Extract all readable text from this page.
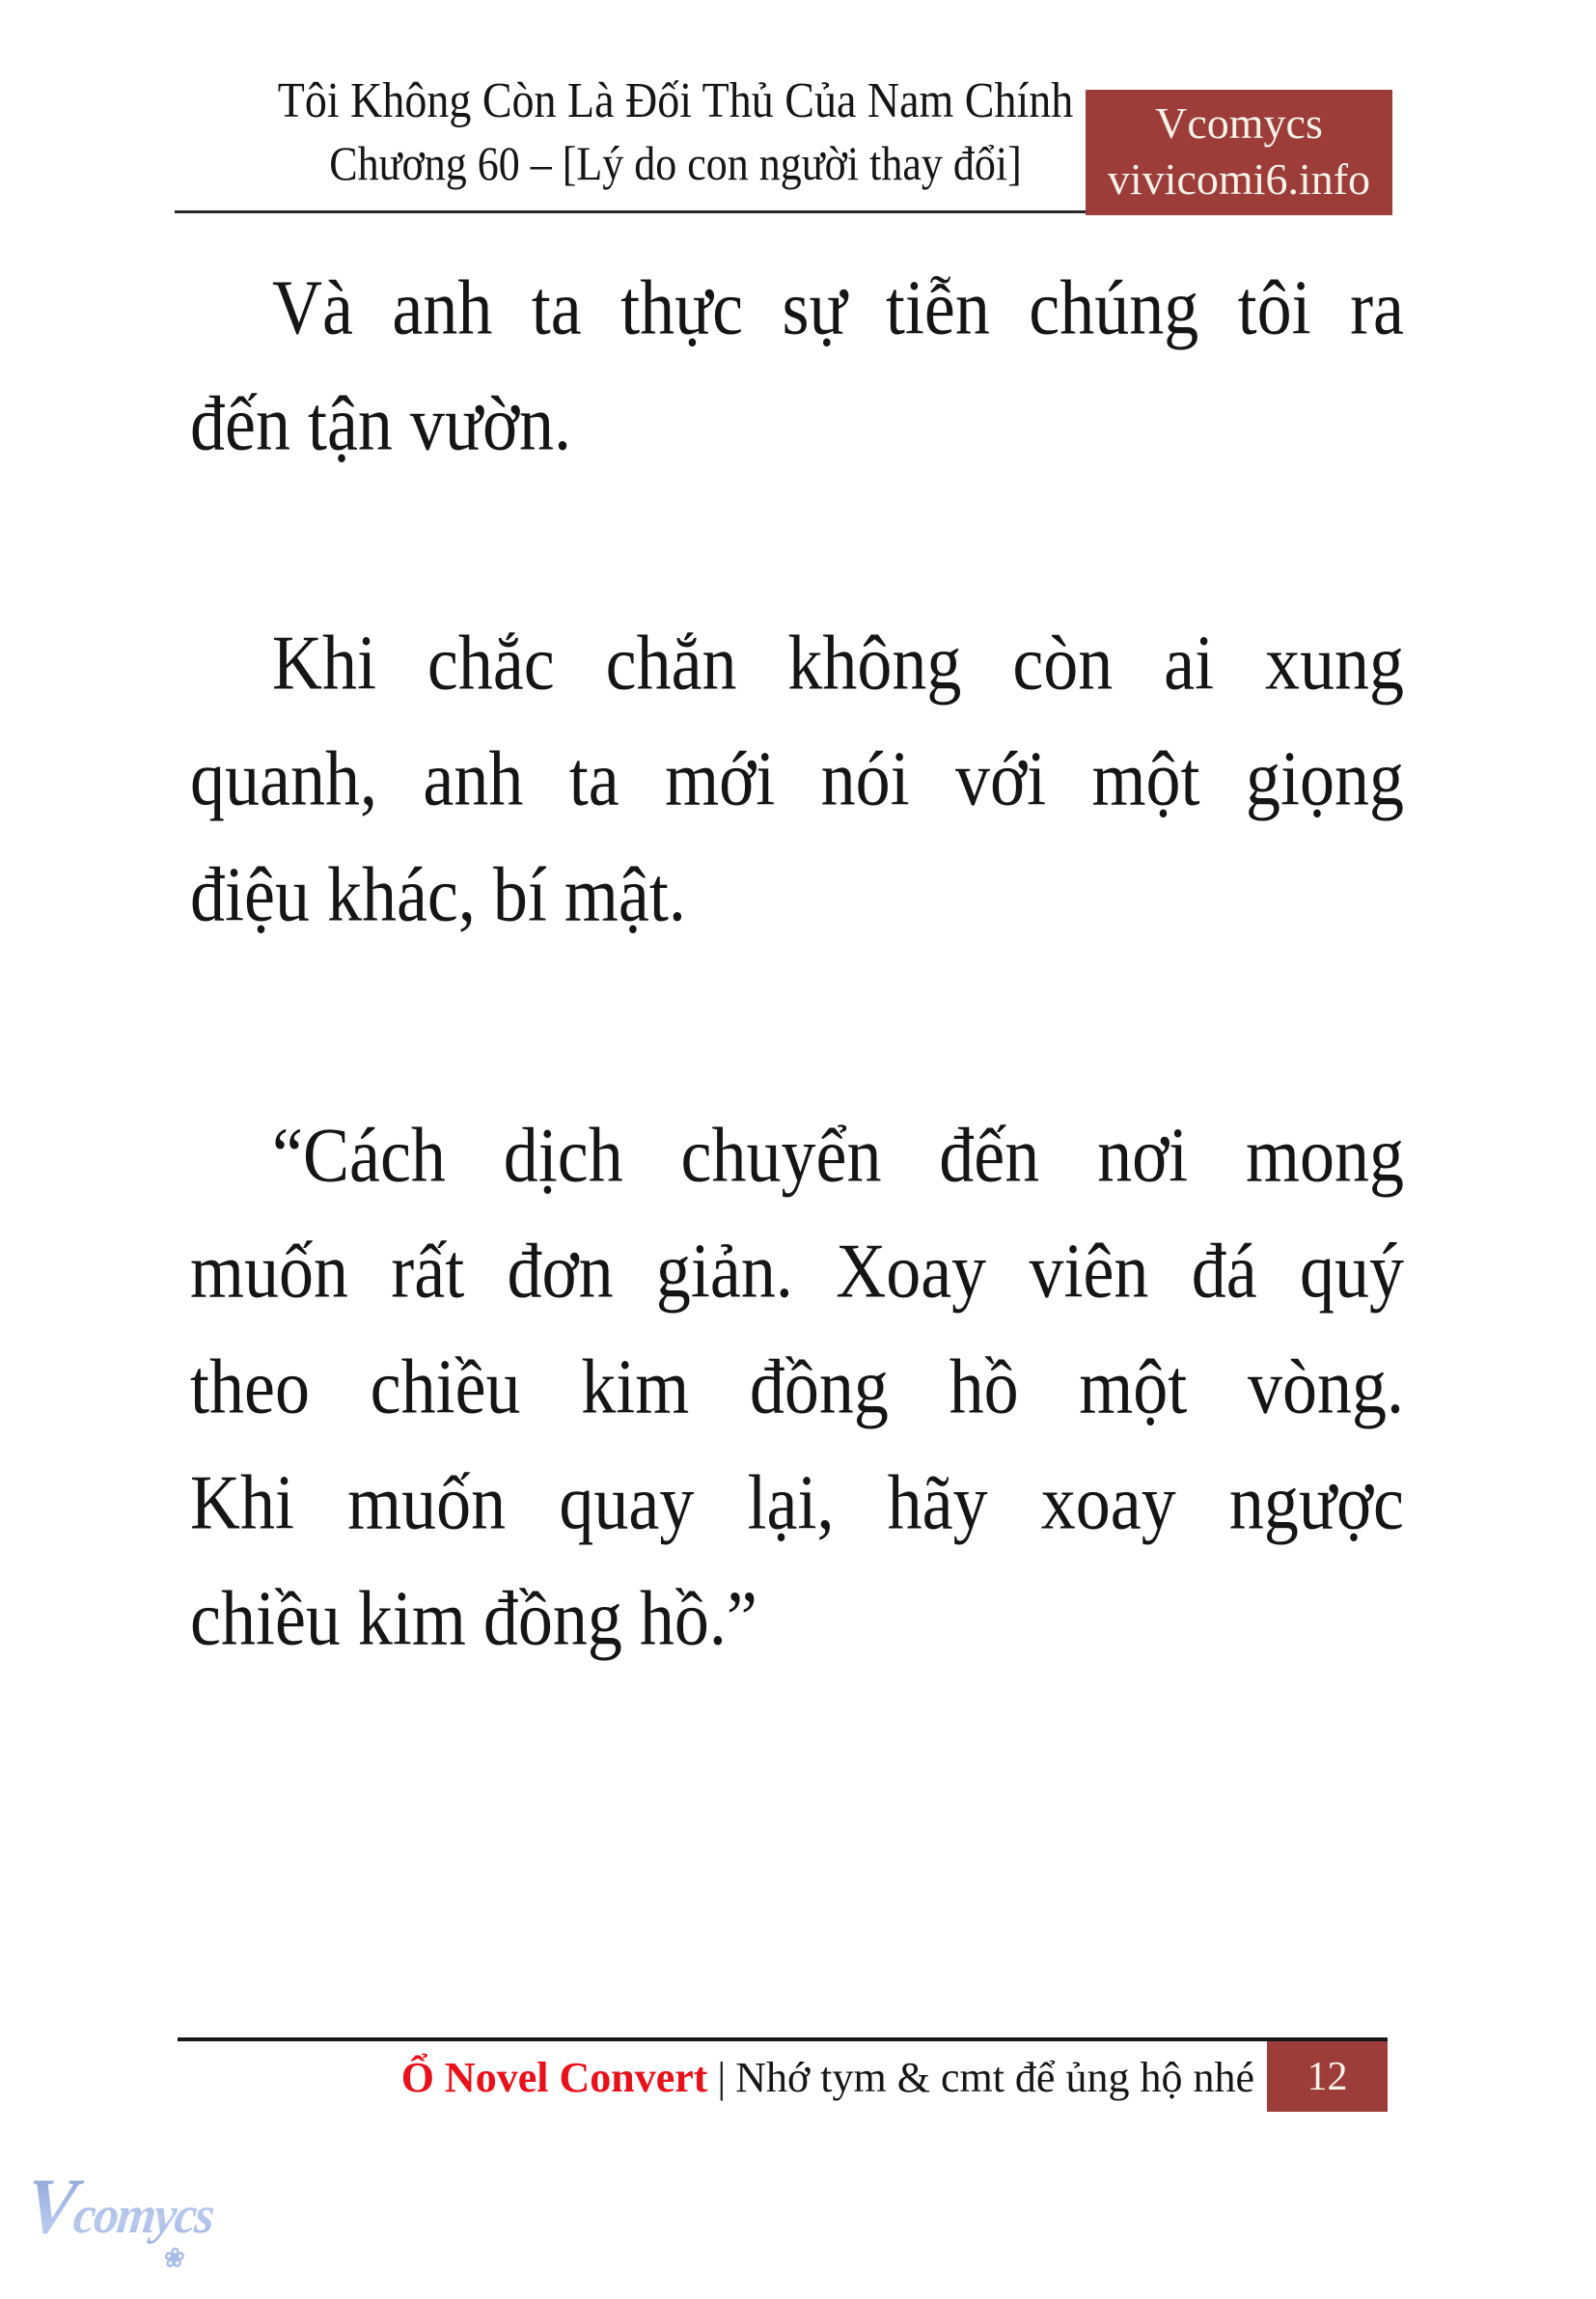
Tôi Không Còn Là Đối Thủ Của Nam Chính
Chương 60 – [Lý do con người thay đổi]
Vcomycs
vivicomi6.info
Và anh ta thực sự tiễn chúng tôi ra
đến tận vườn.
Khi chắc chắn không còn ai xung
quanh, anh ta mới nói với một giọng
điệu khác, bí mật.
“Cách dịch chuyển đến nơi mong
muốn rất đơn giản. Xoay viên đá quý
theo chiều kim đồng hồ một vòng.
Khi muốn quay lại, hãy xoay ngược
chiều kim đồng hồ.”
Ổ Novel Convert | Nhớ tym & cmt để ủng hộ nhé 12
Vcomycs
❀
